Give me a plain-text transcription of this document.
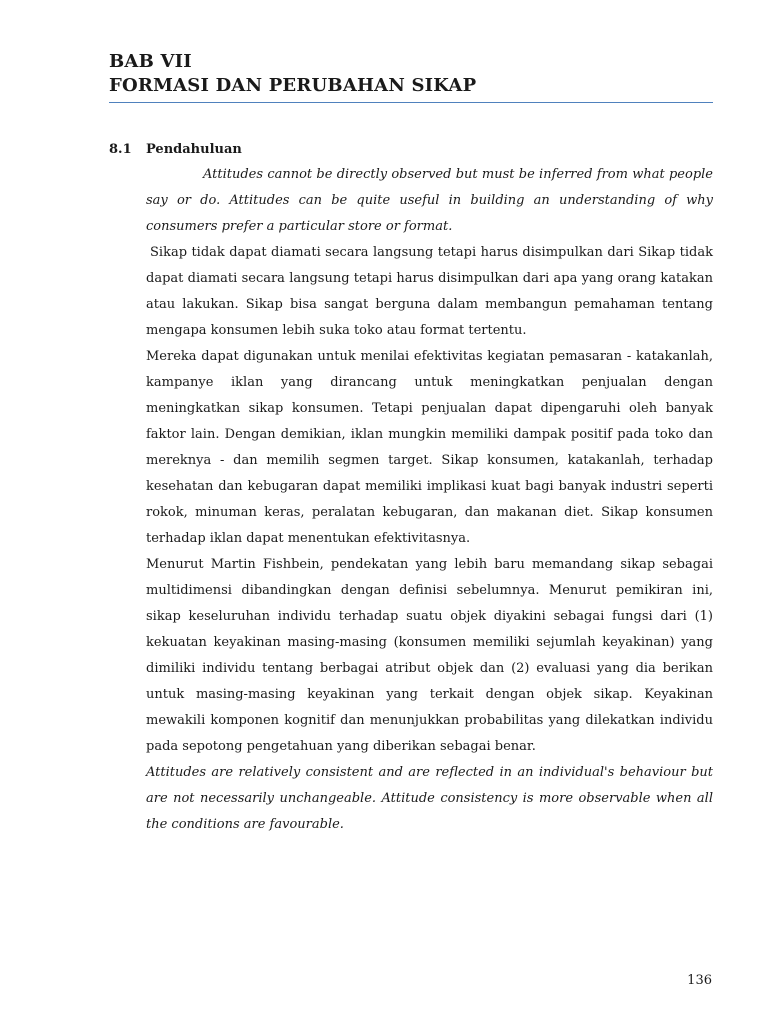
BAB VII
FORMASI DAN PERUBAHAN SIKAP
8.1 Pendahuluan

Attitudes cannot be directly observed but must be inferred from what people say or do. Attitudes can be quite useful in building an understanding of why consumers prefer a particular store or format.

Sikap tidak dapat diamati secara langsung tetapi harus disimpulkan dari Sikap tidak dapat diamati secara langsung tetapi harus disimpulkan dari apa yang orang katakan atau lakukan. Sikap bisa sangat berguna dalam membangun pemahaman tentang mengapa konsumen lebih suka toko atau format tertentu.

Mereka dapat digunakan untuk menilai efektivitas kegiatan pemasaran - katakanlah, kampanye iklan yang dirancang untuk meningkatkan penjualan dengan meningkatkan sikap konsumen. Tetapi penjualan dapat dipengaruhi oleh banyak faktor lain. Dengan demikian, iklan mungkin memiliki dampak positif pada toko dan mereknya - dan memilih segmen target. Sikap konsumen, katakanlah, terhadap kesehatan dan kebugaran dapat memiliki implikasi kuat bagi banyak industri seperti rokok, minuman keras, peralatan kebugaran, dan makanan diet. Sikap konsumen terhadap iklan dapat menentukan efektivitasnya.

Menurut Martin Fishbein, pendekatan yang lebih baru memandang sikap sebagai multidimensi dibandingkan dengan definisi sebelumnya. Menurut pemikiran ini, sikap keseluruhan individu terhadap suatu objek diyakini sebagai fungsi dari (1) kekuatan keyakinan masing-masing (konsumen memiliki sejumlah keyakinan) yang dimiliki individu tentang berbagai atribut objek dan (2) evaluasi yang dia berikan untuk masing-masing keyakinan yang terkait dengan objek sikap. Keyakinan mewakili komponen kognitif dan menunjukkan probabilitas yang dilekatkan individu pada sepotong pengetahuan yang diberikan sebagai benar.

Attitudes are relatively consistent and are reflected in an individual's behaviour but are not necessarily unchangeable. Attitude consistency is more observable when all the conditions are favourable.

136
